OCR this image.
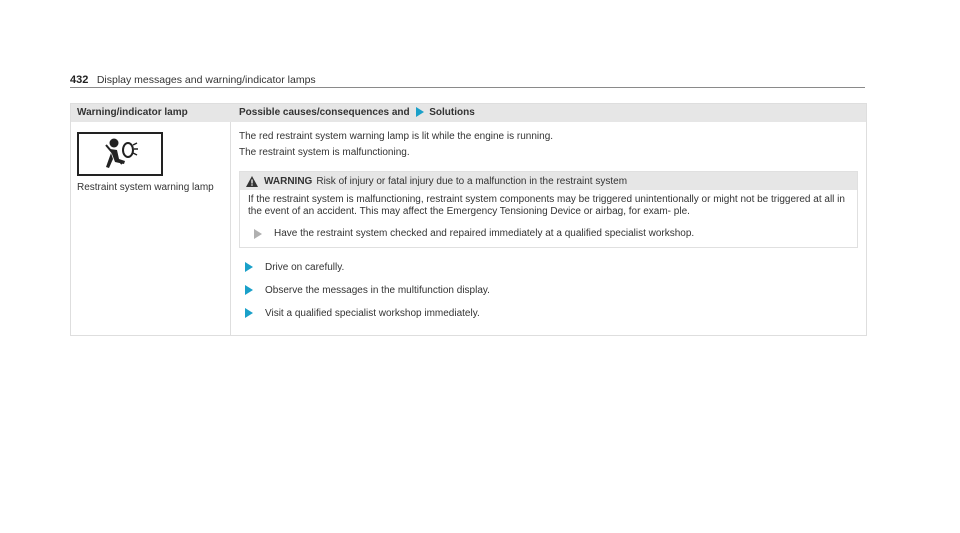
432 Display messages and warning/indicator lamps
Warning/indicator lamp	Possible causes/consequences and Solutions
Restraint system warning lamp
The red restraint system warning lamp is lit while the engine is running.
The restraint system is malfunctioning.
WARNING Risk of injury or fatal injury due to a malfunction in the restraint system
If the restraint system is malfunctioning, restraint system components may be triggered unintentionally or might not be triggered at all in the event of an accident. This may affect the Emergency Tensioning Device or airbag, for exam- ple.
Have the restraint system checked and repaired immediately at a qualified specialist workshop.
Drive on carefully.
Observe the messages in the multifunction display.
Visit a qualified specialist workshop immediately.
